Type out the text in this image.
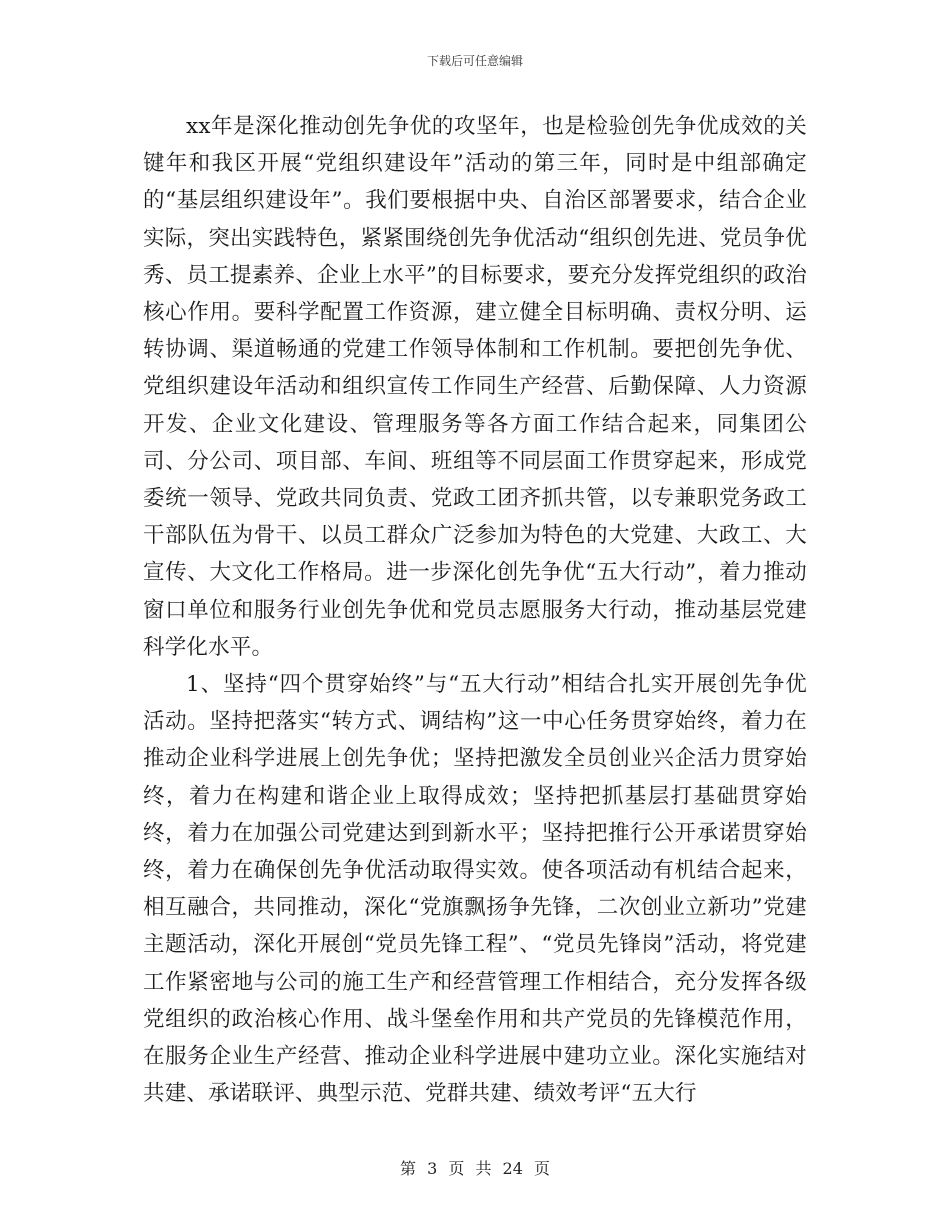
下载后可任意编辑

xx年是深化推动创先争优的攻坚年，也是检验创先争优成效的关键年和我区开展“党组织建设年”活动的第三年，同时是中组部确定的“基层组织建设年”。我们要根据中央、自治区部署要求，结合企业实际，突出实践特色，紧紧围绕创先争优活动“组织创先进、党员争优秀、员工提素养、企业上水平”的目标要求，要充分发挥党组织的政治核心作用。要科学配置工作资源，建立健全目标明确、责权分明、运转协调、渠道畅通的党建工作领导体制和工作机制。要把创先争优、党组织建设年活动和组织宣传工作同生产经营、后勤保障、人力资源开发、企业文化建设、管理服务等各方面工作结合起来，同集团公司、分公司、项目部、车间、班组等不同层面工作贯穿起来，形成党委统一领导、党政共同负责、党政工团齐抓共管，以专兼职党务政工干部队伍为骨干、以员工群众广泛参加为特色的大党建、大政工、大宣传、大文化工作格局。进一步深化创先争优“五大行动”，着力推动窗口单位和服务行业创先争优和党员志愿服务大行动，推动基层党建科学化水平。

1、坚持“四个贯穿始终”与“五大行动”相结合扎实开展创先争优活动。坚持把落实“转方式、调结构”这一中心任务贯穿始终，着力在推动企业科学进展上创先争优；坚持把激发全员创业兴企活力贯穿始终，着力在构建和谐企业上取得成效；坚持把抓基层打基础贯穿始终，着力在加强公司党建达到到新水平；坚持把推行公开承诺贯穿始终，着力在确保创先争优活动取得实效。使各项活动有机结合起来，相互融合，共同推动，深化“党旗飘扬争先锋，二次创业立新功”党建主题活动，深化开展创“党员先锋工程”、“党员先锋岗”活动，将党建工作紧密地与公司的施工生产和经营管理工作相结合，充分发挥各级党组织的政治核心作用、战斗堡垒作用和共产党员的先锋模范作用，在服务企业生产经营、推动企业科学进展中建功立业。深化实施结对共建、承诺联评、典型示范、党群共建、绩效考评“五大行

第 3 页 共 24 页
